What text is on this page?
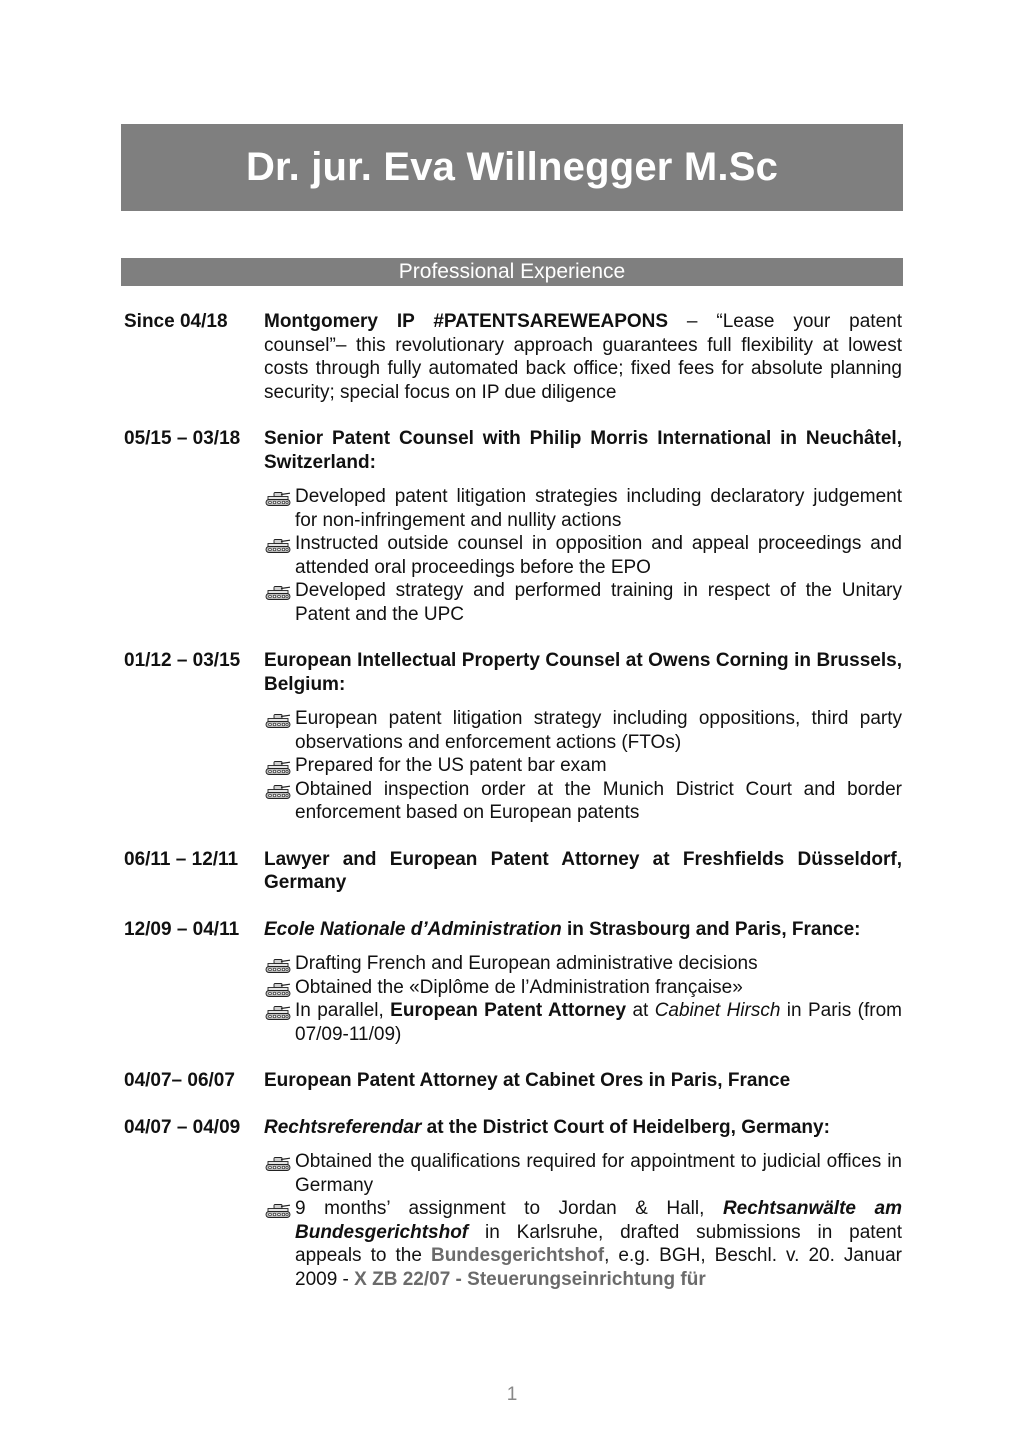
Dr. jur. Eva Willnegger M.Sc
Professional Experience
Since 04/18	Montgomery IP #PATENTSAREWEAPONS – “Lease your patent counsel”– this revolutionary approach guarantees full flexibility at lowest costs through fully automated back office; fixed fees for absolute planning security; special focus on IP due diligence
05/15 – 03/18	Senior Patent Counsel with Philip Morris International in Neuchâtel, Switzerland:
Developed patent litigation strategies including declaratory judgement for non-infringement and nullity actions
Instructed outside counsel in opposition and appeal proceedings and attended oral proceedings before the EPO
Developed strategy and performed training in respect of the Unitary Patent and the UPC
01/12 – 03/15	European Intellectual Property Counsel at Owens Corning in Brussels, Belgium:
European patent litigation strategy including oppositions, third party observations and enforcement actions (FTOs)
Prepared for the US patent bar exam
Obtained inspection order at the Munich District Court and border enforcement based on European patents
06/11 – 12/11	Lawyer and European Patent Attorney at Freshfields Düsseldorf, Germany
12/09 – 04/11	Ecole Nationale d’Administration in Strasbourg and Paris, France:
Drafting French and European administrative decisions
Obtained the «Diplôme de l’Administration française»
In parallel, European Patent Attorney at Cabinet Hirsch in Paris (from 07/09-11/09)
04/07– 06/07	European Patent Attorney at Cabinet Ores in Paris, France
04/07 – 04/09	Rechtsreferendar at the District Court of Heidelberg, Germany:
Obtained the qualifications required for appointment to judicial offices in Germany
9 months’ assignment to Jordan & Hall, Rechtsanwälte am Bundesgerichtshof in Karlsruhe, drafted submissions in patent appeals to the Bundesgerichtshof, e.g. BGH, Beschl. v. 20. Januar 2009 - X ZB 22/07 - Steuerungseinrichtung für
1
